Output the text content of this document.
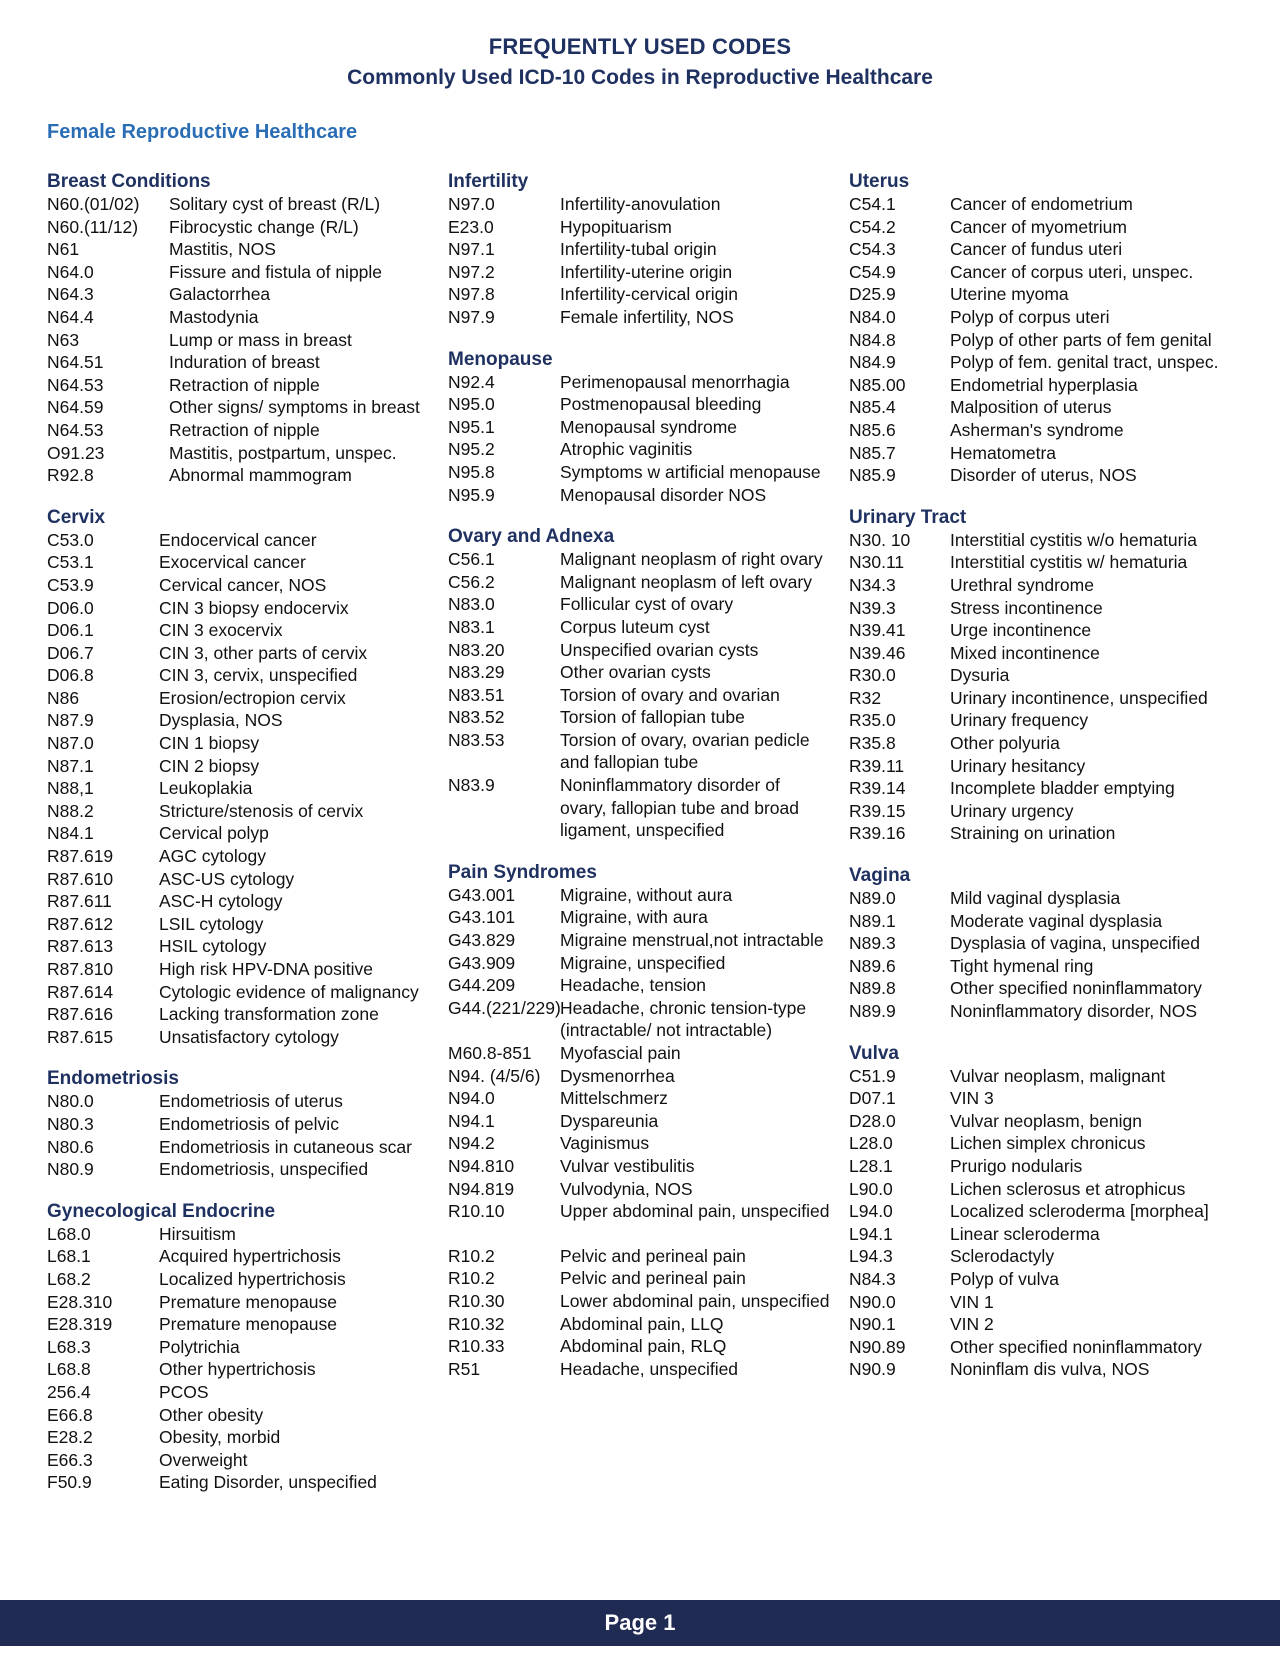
FREQUENTLY USED CODES
Commonly Used ICD-10 Codes in Reproductive Healthcare
Female Reproductive Healthcare
Breast Conditions
N60.(01/02)	Solitary cyst of breast (R/L)
N60.(11/12)	Fibrocystic change (R/L)
N61	Mastitis, NOS
N64.0	Fissure and fistula of nipple
N64.3	Galactorrhea
N64.4	Mastodynia
N63	Lump or mass in breast
N64.51	Induration of breast
N64.53	Retraction of nipple
N64.59	Other signs/ symptoms in breast
N64.53	Retraction of nipple
O91.23	Mastitis, postpartum, unspec.
R92.8	Abnormal mammogram
Cervix
C53.0	Endocervical cancer
C53.1	Exocervical cancer
C53.9	Cervical cancer, NOS
D06.0	CIN 3 biopsy endocervix
D06.1	CIN 3 exocervix
D06.7	CIN 3, other parts of cervix
D06.8	CIN 3, cervix, unspecified
N86	Erosion/ectropion cervix
N87.9	Dysplasia, NOS
N87.0	CIN 1 biopsy
N87.1	CIN 2 biopsy
N88,1	Leukoplakia
N88.2	Stricture/stenosis of cervix
N84.1	Cervical polyp
R87.619	AGC cytology
R87.610	ASC-US cytology
R87.611	ASC-H cytology
R87.612	LSIL cytology
R87.613	HSIL cytology
R87.810	High risk HPV-DNA positive
R87.614	Cytologic evidence of malignancy
R87.616	Lacking transformation zone
R87.615	Unsatisfactory cytology
Endometriosis
N80.0	Endometriosis of uterus
N80.3	Endometriosis of pelvic
N80.6	Endometriosis in cutaneous scar
N80.9	Endometriosis, unspecified
Gynecological Endocrine
L68.0	Hirsuitism
L68.1	Acquired hypertrichosis
L68.2	Localized hypertrichosis
E28.310	Premature menopause
E28.319	Premature menopause
L68.3	Polytrichia
L68.8	Other hypertrichosis
256.4	PCOS
E66.8	Other obesity
E28.2	Obesity, morbid
E66.3	Overweight
F50.9	Eating Disorder, unspecified
Infertility
N97.0	Infertility-anovulation
E23.0	Hypopituarism
N97.1	Infertility-tubal origin
N97.2	Infertility-uterine origin
N97.8	Infertility-cervical origin
N97.9	Female infertility, NOS
Menopause
N92.4	Perimenopausal menorrhagia
N95.0	Postmenopausal bleeding
N95.1	Menopausal syndrome
N95.2	Atrophic vaginitis
N95.8	Symptoms w artificial menopause
N95.9	Menopausal disorder NOS
Ovary and Adnexa
C56.1	Malignant neoplasm of right ovary
C56.2	Malignant neoplasm of left ovary
N83.0	Follicular cyst of ovary
N83.1	Corpus luteum cyst
N83.20	Unspecified ovarian cysts
N83.29	Other ovarian cysts
N83.51	Torsion of ovary and ovarian
N83.52	Torsion of fallopian tube
N83.53	Torsion of ovary, ovarian pedicle
and fallopian tube
N83.9	Noninflammatory disorder of
ovary, fallopian tube and broad
ligament, unspecified
Pain Syndromes
G43.001	Migraine, without aura
G43.101	Migraine, with aura
G43.829	Migraine menstrual,not intractable
G43.909	Migraine, unspecified
G44.209	Headache, tension
G44.(221/229) Headache, chronic tension-type
(intractable/ not intractable)
M60.8-851	Myofascial pain
N94. (4/5/6)	Dysmenorrhea
N94.0	Mittelschmerz
N94.1	Dyspareunia
N94.2	Vaginismus
N94.810	Vulvar vestibulitis
N94.819	Vulvodynia, NOS
R10.10	Upper abdominal pain, unspecified
R10.2	Pelvic and perineal pain
R10.2	Pelvic and perineal pain
R10.30	Lower abdominal pain, unspecified
R10.32	Abdominal pain, LLQ
R10.33	Abdominal pain, RLQ
R51	Headache, unspecified
Uterus
C54.1	Cancer of endometrium
C54.2	Cancer of myometrium
C54.3	Cancer of fundus uteri
C54.9	Cancer of corpus uteri, unspec.
D25.9	Uterine myoma
N84.0	Polyp of corpus uteri
N84.8	Polyp of other parts of fem genital
N84.9	Polyp of fem. genital tract, unspec.
N85.00	Endometrial hyperplasia
N85.4	Malposition of uterus
N85.6	Asherman's syndrome
N85.7	Hematometra
N85.9	Disorder of uterus, NOS
Urinary Tract
N30. 10	Interstitial cystitis w/o hematuria
N30.11	Interstitial cystitis w/ hematuria
N34.3	Urethral syndrome
N39.3	Stress incontinence
N39.41	Urge incontinence
N39.46	Mixed incontinence
R30.0	Dysuria
R32	Urinary incontinence, unspecified
R35.0	Urinary frequency
R35.8	Other polyuria
R39.11	Urinary hesitancy
R39.14	Incomplete bladder emptying
R39.15	Urinary urgency
R39.16	Straining on urination
Vagina
N89.0	Mild vaginal dysplasia
N89.1	Moderate vaginal dysplasia
N89.3	Dysplasia of vagina, unspecified
N89.6	Tight hymenal ring
N89.8	Other specified noninflammatory
N89.9	Noninflammatory disorder, NOS
Vulva
C51.9	Vulvar neoplasm, malignant
D07.1	VIN 3
D28.0	Vulvar neoplasm, benign
L28.0	Lichen simplex chronicus
L28.1	Prurigo nodularis
L90.0	Lichen sclerosus et atrophicus
L94.0	Localized scleroderma [morphea]
L94.1	Linear scleroderma
L94.3	Sclerodactyly
N84.3	Polyp of vulva
N90.0	VIN 1
N90.1	VIN 2
N90.89	Other specified noninflammatory
N90.9	Noninflam dis vulva, NOS
Page 1
